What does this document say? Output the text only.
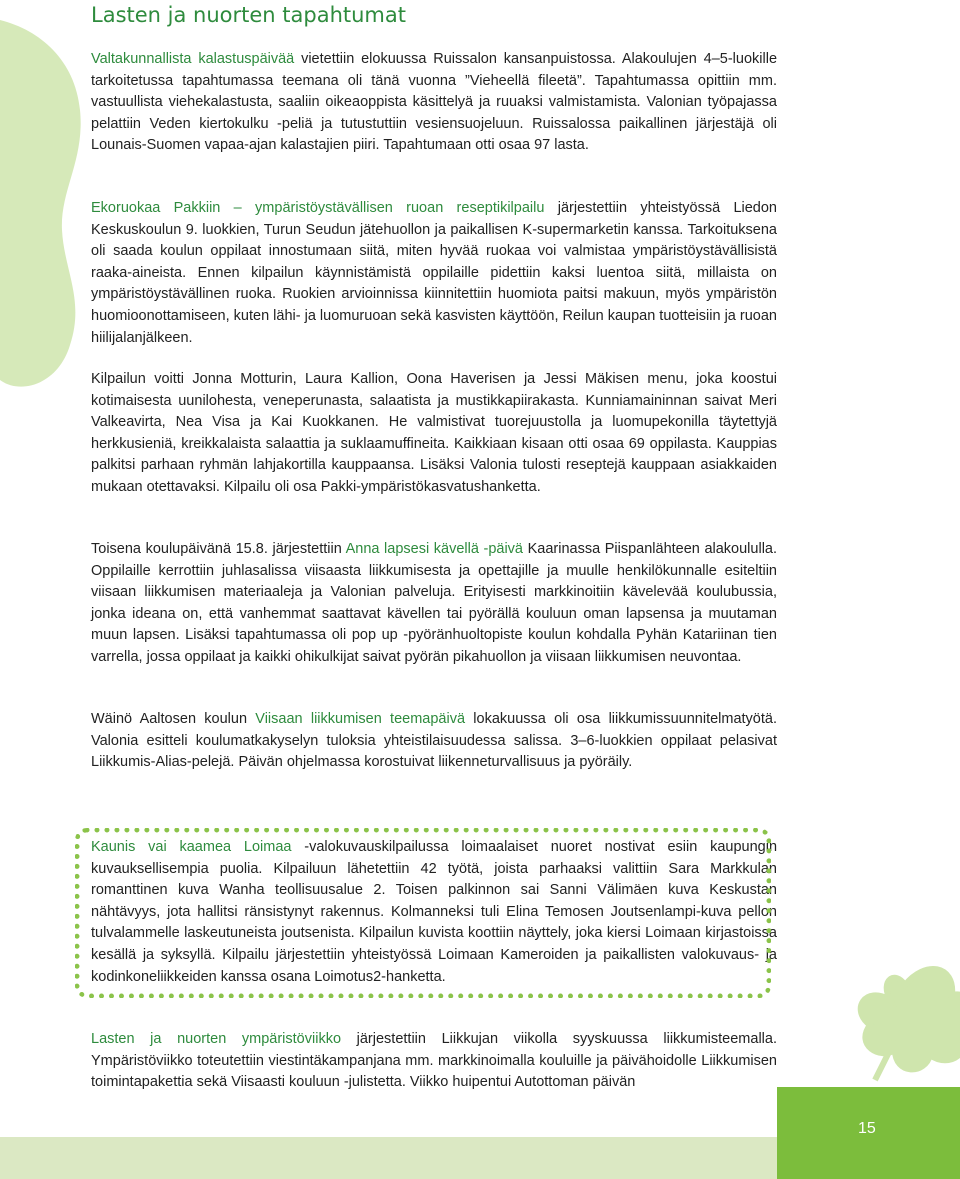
Lasten ja nuorten tapahtumat

Valtakunnallista kalastuspäivää vietettiin elokuussa Ruissalon kansanpuistossa. Alakoulujen 4–5-luokille tarkoitetussa tapahtumassa teemana oli tänä vuonna ”Vieheellä fileetä”. Tapahtumassa opittiin mm. vastuullista viehekalastusta, saaliin oikeaoppista käsittelyä ja ruuaksi valmistamista. Valonian työpajassa pelattiin Veden kiertokulku -peliä ja tutustuttiin vesiensuojeluun. Ruissalossa paikallinen järjestäjä oli Lounais-Suomen vapaa-ajan kalastajien piiri. Tapahtumaan otti osaa 97 lasta.

Ekoruokaa Pakkiin – ympäristöystävällisen ruoan reseptikilpailu järjestettiin yhteistyössä Liedon Keskuskoulun 9. luokkien, Turun Seudun jätehuollon ja paikallisen K-supermarketin kanssa. Tarkoituksena oli saada koulun oppilaat innostumaan siitä, miten hyvää ruokaa voi valmistaa ympäristöystävällisistä raaka-aineista. Ennen kilpailun käynnistämistä oppilaille pidettiin kaksi luentoa siitä, millaista on ympäristöystävällinen ruoka. Ruokien arvioinnissa kiinnitettiin huomiota paitsi makuun, myös ympäristön huomioonottamiseen, kuten lähi- ja luomuruoan sekä kasvisten käyttöön, Reilun kaupan tuotteisiin ja ruoan hiilijalanjälkeen.

Kilpailun voitti Jonna Motturin, Laura Kallion, Oona Haverisen ja Jessi Mäkisen menu, joka koostui kotimaisesta uunilohesta, veneperunasta, salaatista ja mustikkapiirakasta. Kunniamaininnan saivat Meri Valkeavirta, Nea Visa ja Kai Kuokkanen. He valmistivat tuorejuustolla ja luomupekonilla täytettyjä herkkusieniä, kreikkalaista salaattia ja suklaamuffineita. Kaikkiaan kisaan otti osaa 69 oppilasta. Kauppias palkitsi parhaan ryhmän lahjakortilla kauppaansa. Lisäksi Valonia tulosti reseptejä kauppaan asiakkaiden mukaan otettavaksi. Kilpailu oli osa Pakki-ympäristökasvatushanketta.

Toisena koulupäivänä 15.8. järjestettiin Anna lapsesi kävellä -päivä Kaarinassa Piispanlähteen alakoululla. Oppilaille kerrottiin juhlasalissa viisaasta liikkumisesta ja opettajille ja muulle henkilökunnalle esiteltiin viisaan liikkumisen materiaaleja ja Valonian palveluja. Erityisesti markkinoitiin kävelevää koulubussia, jonka ideana on, että vanhemmat saattavat kävellen tai pyörällä kouluun oman lapsensa ja muutaman muun lapsen. Lisäksi tapahtumassa oli pop up -pyöränhuoltopiste koulun kohdalla Pyhän Katariinan tien varrella, jossa oppilaat ja kaikki ohikulkijat saivat pyörän pikahuollon ja viisaan liikkumisen neuvontaa.

Wäinö Aaltosen koulun Viisaan liikkumisen teemapäivä lokakuussa oli osa liikkumissuunnitelmatyötä. Valonia esitteli koulumatkakyselyn tuloksia yhteistilaisuudessa salissa. 3–6-luokkien oppilaat pelasivat Liikkumis-Alias-pelejä. Päivän ohjelmassa korostuivat liikenneturvallisuus ja pyöräily.

Kaunis vai kaamea Loimaa -valokuvauskilpailussa loimaalaiset nuoret nostivat esiin kaupungin kuvauksellisempia puolia. Kilpailuun lähetettiin 42 työtä, joista parhaaksi valittiin Sara Markkulan romanttinen kuva Wanha teollisuusalue 2. Toisen palkinnon sai Sanni Välimäen kuva Keskustan nähtävyys, jota hallitsi ränsistynyt rakennus. Kolmanneksi tuli Elina Temosen Joutsenlampi-kuva pellon tulvalammelle laskeutuneista joutsenista. Kilpailun kuvista koottiin näyttely, joka kiersi Loimaan kirjastoissa kesällä ja syksyllä. Kilpailu järjestettiin yhteistyössä Loimaan Kameroiden ja paikallisten valokuvaus- ja kodinkoneliikkeiden kanssa osana Loimotus2-hanketta.

Lasten ja nuorten ympäristöviikko järjestettiin Liikkujan viikolla syyskuussa liikkumisteemalla. Ympäristöviikko toteutettiin viestintäkampanjana mm. markkinoimalla kouluille ja päivähoidolle Liikkumisen toimintapakettia sekä Viisaasti kouluun -julistetta. Viikko huipentui Autottoman päivän

15
